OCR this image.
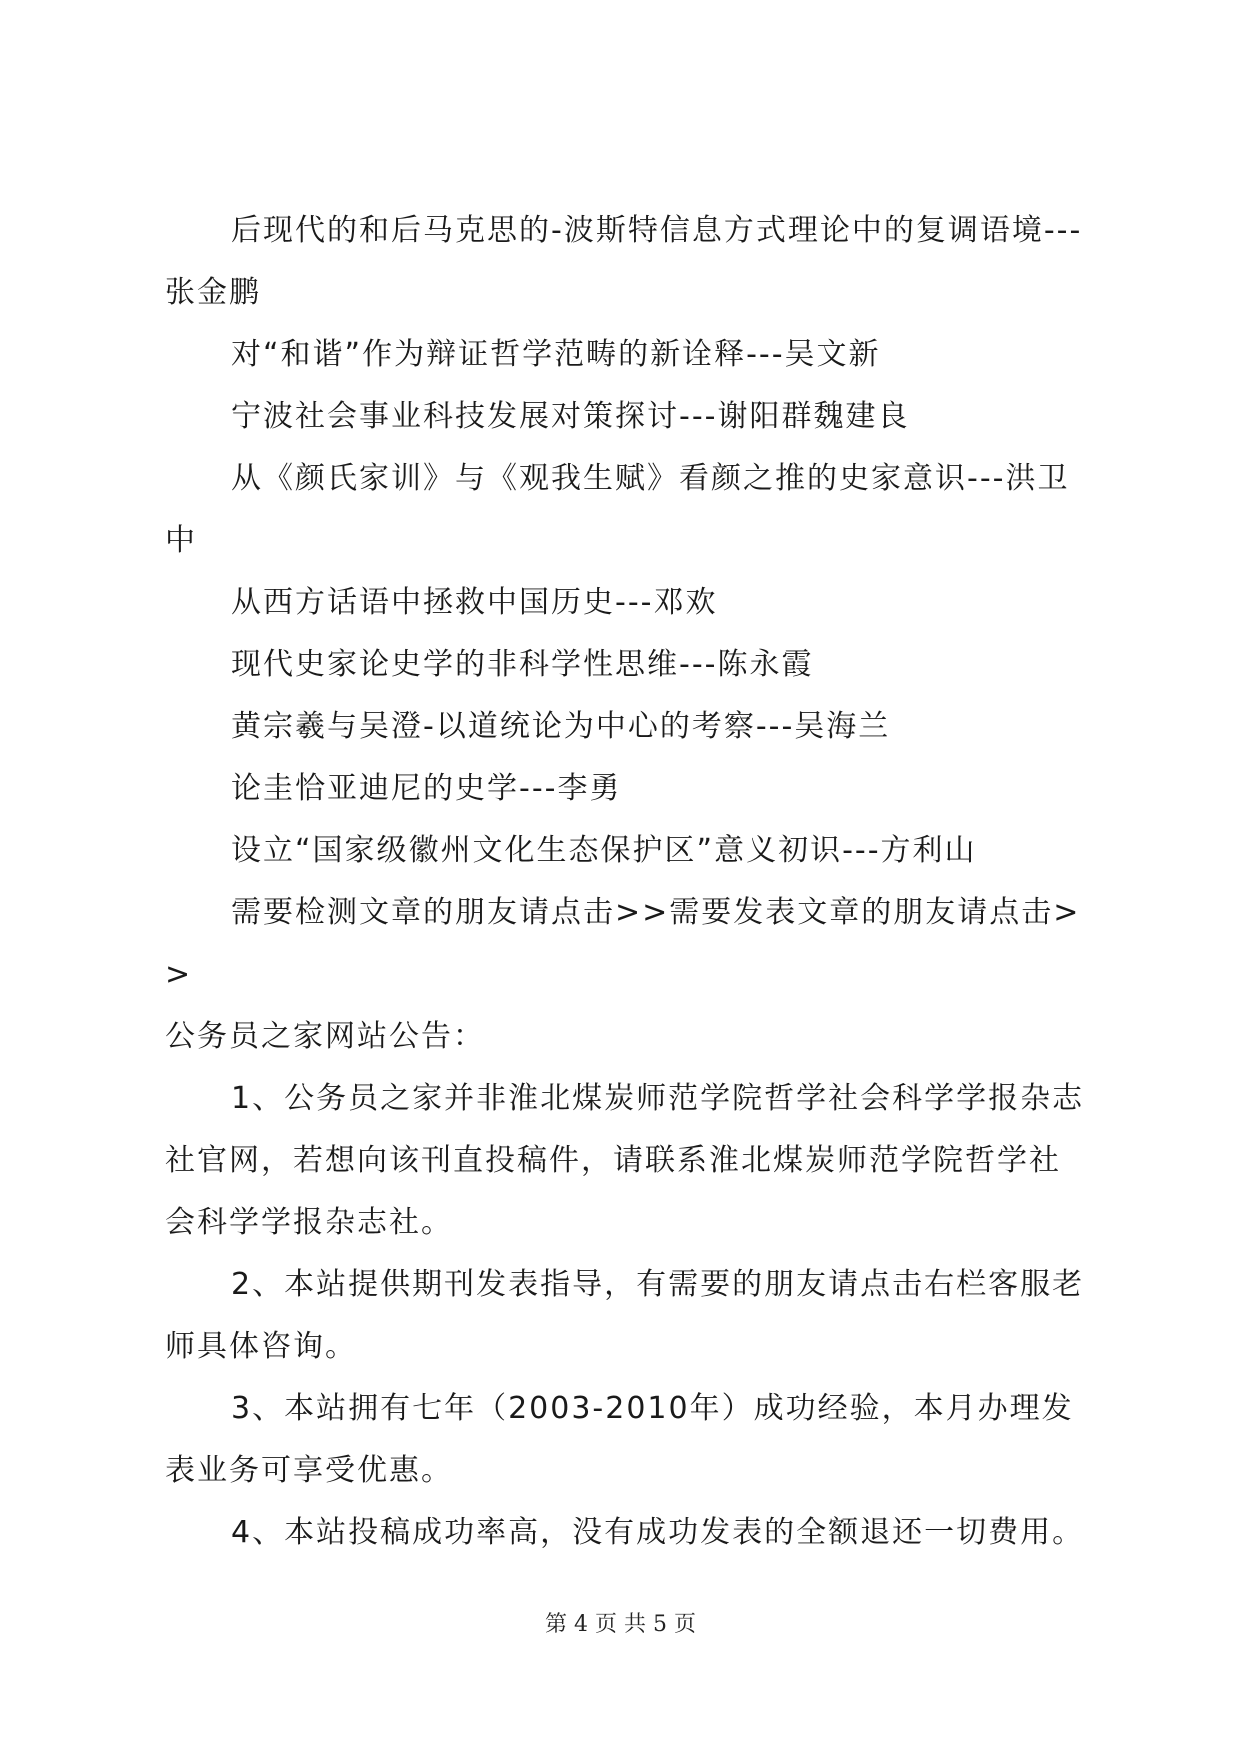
后现代的和后马克思的-波斯特信息方式理论中的复调语境---张金鹏

对“和谐”作为辩证哲学范畴的新诠释---吴文新

宁波社会事业科技发展对策探讨---谢阳群魏建良

从《颜氏家训》与《观我生赋》看颜之推的史家意识---洪卫中

从西方话语中拯救中国历史---邓欢

现代史家论史学的非科学性思维---陈永霞

黄宗羲与吴澄-以道统论为中心的考察---吴海兰

论圭恰亚迪尼的史学---李勇

设立“国家级徽州文化生态保护区”意义初识---方利山

需要检测文章的朋友请点击>>需要发表文章的朋友请点击>>

公务员之家网站公告：

1、公务员之家并非淮北煤炭师范学院哲学社会科学学报杂志社官网，若想向该刊直投稿件，请联系淮北煤炭师范学院哲学社会科学学报杂志社。

2、本站提供期刊发表指导，有需要的朋友请点击右栏客服老师具体咨询。

3、本站拥有七年（2003-2010年）成功经验，本月办理发表业务可享受优惠。

4、本站投稿成功率高，没有成功发表的全额退还一切费用。

第 4 页 共 5 页
